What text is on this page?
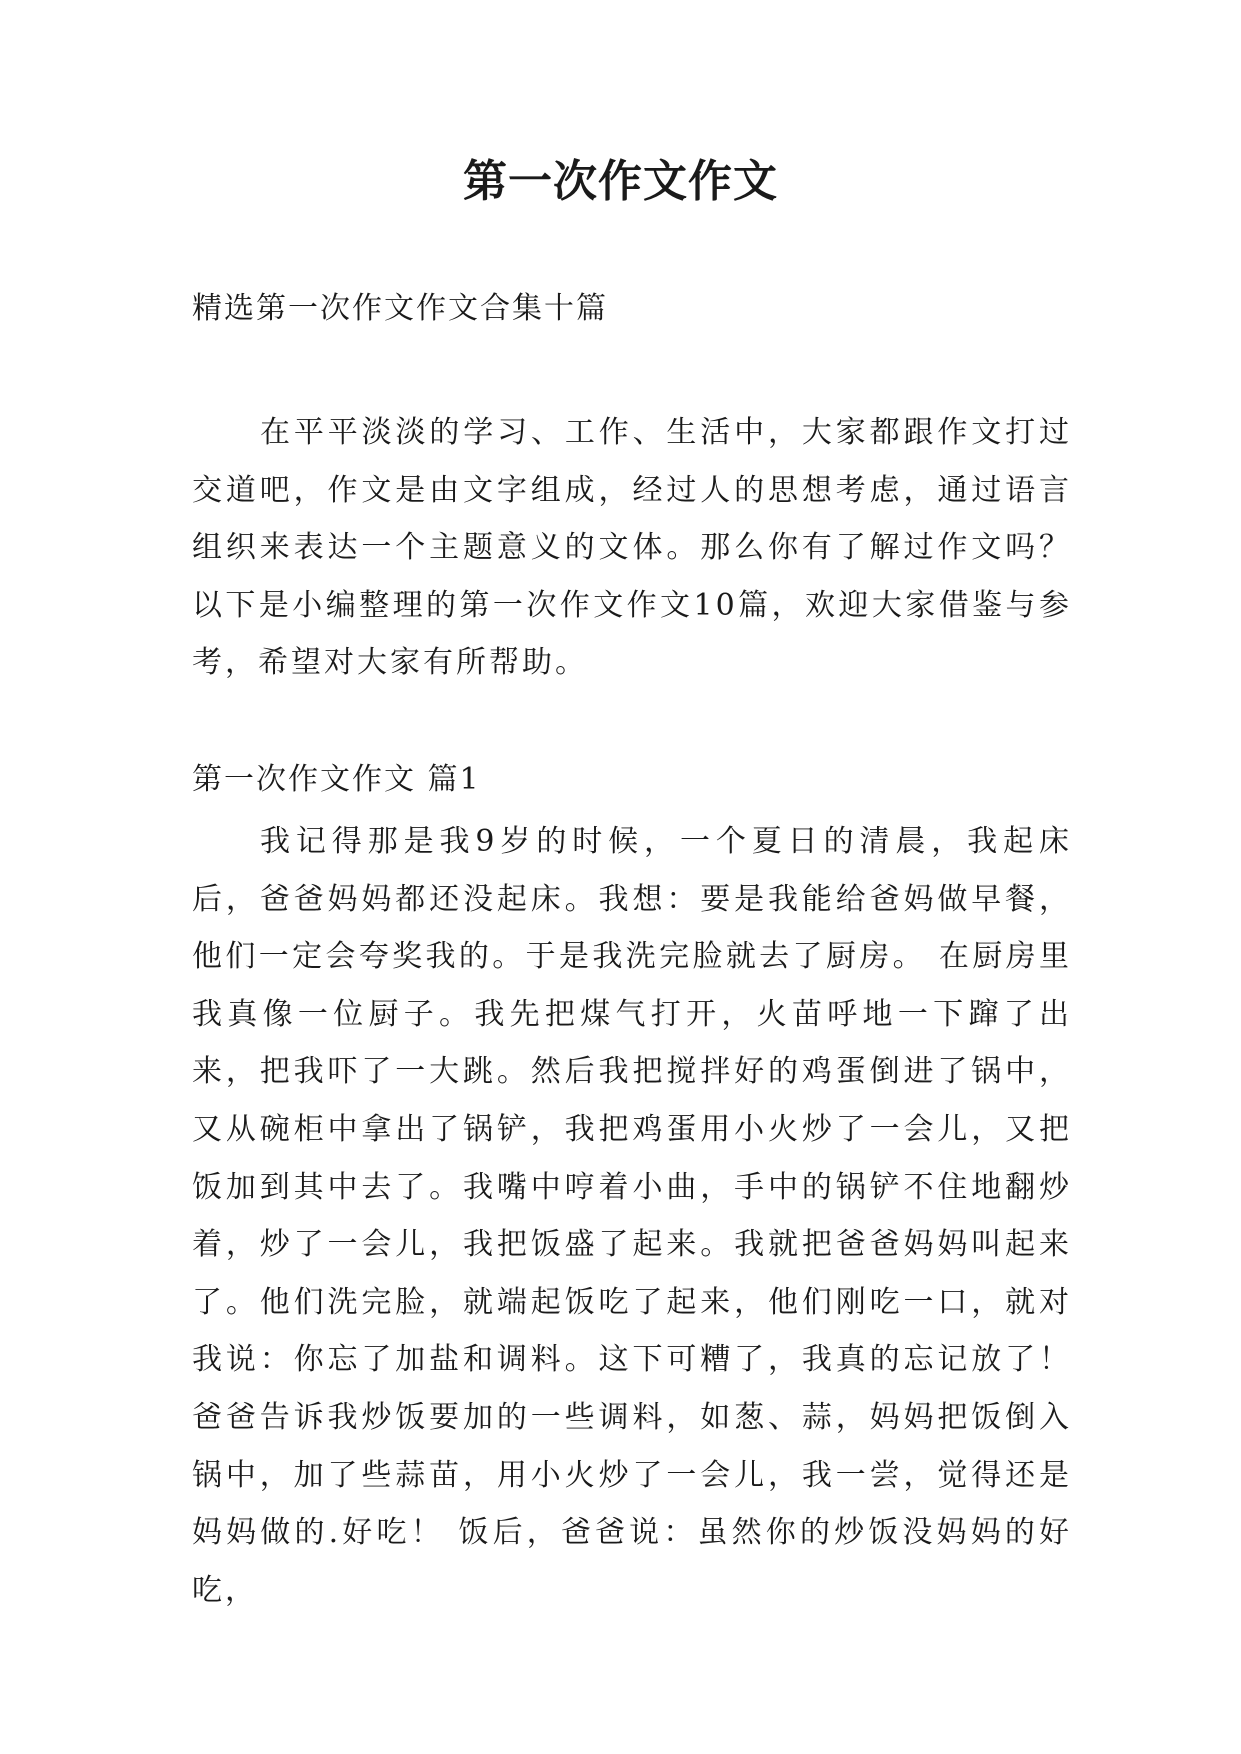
第一次作文作文
精选第一次作文作文合集十篇

在平平淡淡的学习、工作、生活中，大家都跟作文打过交道吧，作文是由文字组成，经过人的思想考虑，通过语言组织来表达一个主题意义的文体。那么你有了解过作文吗？以下是小编整理的第一次作文作文10篇，欢迎大家借鉴与参考，希望对大家有所帮助。

第一次作文作文 篇1

我记得那是我9岁的时候，一个夏日的清晨，我起床后，爸爸妈妈都还没起床。我想：要是我能给爸妈做早餐，他们一定会夸奖我的。于是我洗完脸就去了厨房。 在厨房里我真像一位厨子。我先把煤气打开，火苗呼地一下蹿了出来，把我吓了一大跳。然后我把搅拌好的鸡蛋倒进了锅中，又从碗柜中拿出了锅铲，我把鸡蛋用小火炒了一会儿，又把饭加到其中去了。我嘴中哼着小曲，手中的锅铲不住地翻炒着，炒了一会儿，我把饭盛了起来。我就把爸爸妈妈叫起来了。他们洗完脸，就端起饭吃了起来，他们刚吃一口，就对我说：你忘了加盐和调料。这下可糟了，我真的忘记放了！爸爸告诉我炒饭要加的一些调料，如葱、蒜，妈妈把饭倒入锅中，加了些蒜苗，用小火炒了一会儿，我一尝，觉得还是妈妈做的.好吃！ 饭后，爸爸说：虽然你的炒饭没妈妈的好吃，
